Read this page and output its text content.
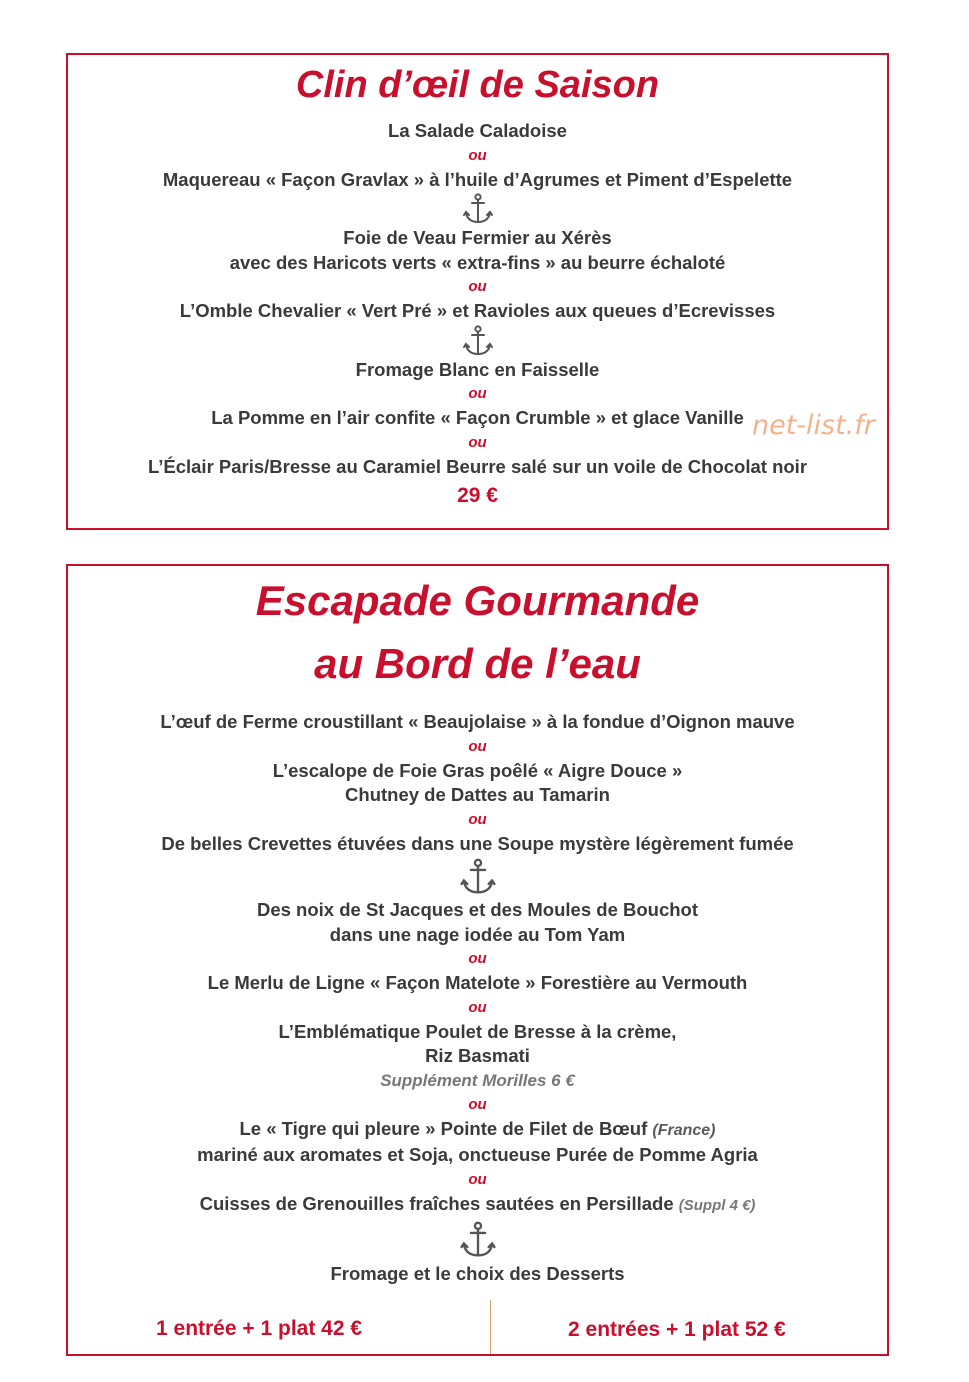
Clin d’œil de Saison
La Salade Caladoise
ou
Maquereau « Façon Gravlax » à l’huile d’Agrumes et Piment d’Espelette
Foie de Veau Fermier au Xérès
avec des Haricots verts « extra-fins » au beurre échaloté
ou
L’Omble Chevalier « Vert Pré » et Ravioles aux queues d’Ecrevisses
Fromage Blanc en Faisselle
ou
La Pomme en l’air confite « Façon Crumble » et glace Vanille
ou
L’Éclair Paris/Bresse au Caramiel Beurre salé sur un voile de Chocolat noir
29 €
net-list.fr
Escapade Gourmande
au Bord de l’eau
L’œuf de Ferme croustillant « Beaujolaise » à la fondue d’Oignon mauve
ou
L’escalope de Foie Gras poêlé « Aigre Douce »
Chutney de Dattes au Tamarin
ou
De belles Crevettes étuvées dans une Soupe mystère légèrement fumée
Des noix de St Jacques et des Moules de Bouchot
dans une nage iodée au Tom Yam
ou
Le Merlu de Ligne « Façon Matelote » Forestière au Vermouth
ou
L’Emblématique Poulet de Bresse à la crème,
Riz Basmati
Supplément Morilles 6 €
ou
Le « Tigre qui pleure » Pointe de Filet de Bœuf (France)
mariné aux aromates et Soja, onctueuse Purée de Pomme Agria
ou
Cuisses de Grenouilles fraîches sautées en Persillade (Suppl 4 €)
Fromage et le choix des Desserts
1 entrée + 1 plat 42 €	2 entrées + 1 plat 52 €
